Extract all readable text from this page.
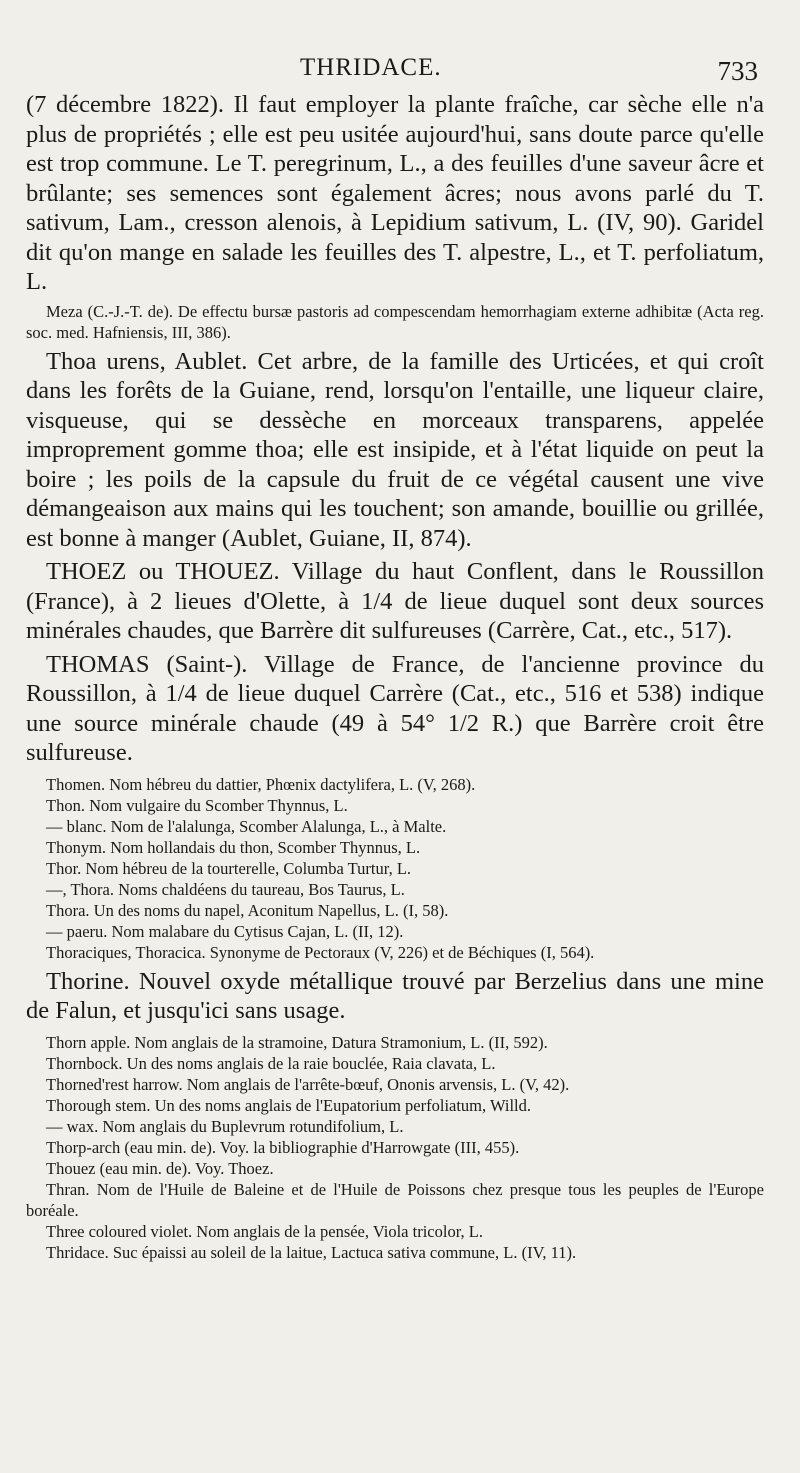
THRIDACE.	733

(7 décembre 1822). Il faut employer la plante fraîche, car sèche elle n'a plus de propriétés ; elle est peu usitée aujourd'hui, sans doute parce qu'elle est trop commune. Le T. peregrinum, L., a des feuilles d'une saveur âcre et brûlante; ses semences sont également âcres; nous avons parlé du T. sativum, Lam., cresson alenois, à Lepidium sativum, L. (IV, 90). Garidel dit qu'on mange en salade les feuilles des T. alpestre, L., et T. perfoliatum, L.

Meza (C.-J.-T. de). De effectu bursæ pastoris ad compescendam hemorrhagiam externe adhibitæ (Acta reg. soc. med. Hafniensis, III, 386).

Thoa urens, Aublet. Cet arbre, de la famille des Urticées, et qui croît dans les forêts de la Guiane, rend, lorsqu'on l'entaille, une liqueur claire, visqueuse, qui se dessèche en morceaux transparens, appelée improprement gomme thoa; elle est insipide, et à l'état liquide on peut la boire ; les poils de la capsule du fruit de ce végétal causent une vive démangeaison aux mains qui les touchent; son amande, bouillie ou grillée, est bonne à manger (Aublet, Guiane, II, 874).

THOEZ ou THOUEZ. Village du haut Conflent, dans le Roussillon (France), à 2 lieues d'Olette, à 1/4 de lieue duquel sont deux sources minérales chaudes, que Barrère dit sulfureuses (Carrère, Cat., etc., 517).

THOMAS (Saint-). Village de France, de l'ancienne province du Roussillon, à 1/4 de lieue duquel Carrère (Cat., etc., 516 et 538) indique une source minérale chaude (49 à 54° 1/2 R.) que Barrère croit être sulfureuse.

Thomen. Nom hébreu du dattier, Phœnix dactylifera, L. (V, 268).

Thon. Nom vulgaire du Scomber Thynnus, L.

— blanc. Nom de l'alalunga, Scomber Alalunga, L., à Malte.

Thonym. Nom hollandais du thon, Scomber Thynnus, L.

Thor. Nom hébreu de la tourterelle, Columba Turtur, L.

—, Thora. Noms chaldéens du taureau, Bos Taurus, L.

Thora. Un des noms du napel, Aconitum Napellus, L. (I, 58).

— paeru. Nom malabare du Cytisus Cajan, L. (II, 12).

Thoraciques, Thoracica. Synonyme de Pectoraux (V, 226) et de Béchiques (I, 564).

Thorine. Nouvel oxyde métallique trouvé par Berzelius dans une mine de Falun, et jusqu'ici sans usage.

Thorn apple. Nom anglais de la stramoine, Datura Stramonium, L. (II, 592).

Thornbock. Un des noms anglais de la raie bouclée, Raia clavata, L.

Thorned'rest harrow. Nom anglais de l'arrête-bœuf, Ononis arvensis, L. (V, 42).

Thorough stem. Un des noms anglais de l'Eupatorium perfoliatum, Willd.

— wax. Nom anglais du Buplevrum rotundifolium, L.

Thorp-arch (eau min. de). Voy. la bibliographie d'Harrowgate (III, 455).

Thouez (eau min. de). Voy. Thoez.

Thran. Nom de l'Huile de Baleine et de l'Huile de Poissons chez presque tous les peuples de l'Europe boréale.

Three coloured violet. Nom anglais de la pensée, Viola tricolor, L.

Thridace. Suc épaissi au soleil de la laitue, Lactuca sativa commune, L. (IV, 11).
